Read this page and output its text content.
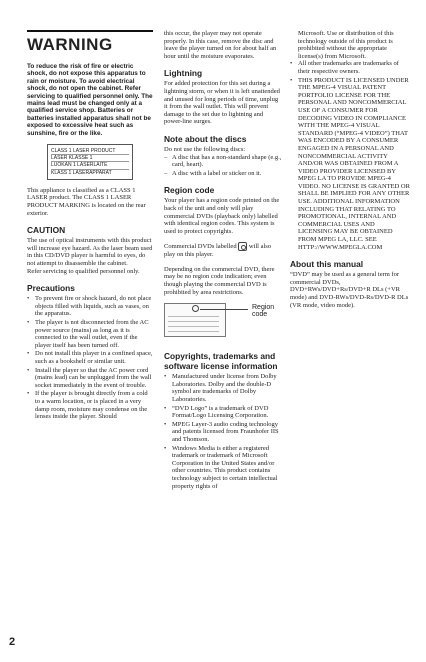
WARNING
To reduce the risk of fire or electric shock, do not expose this apparatus to rain or moisture. To avoid electrical shock, do not open the cabinet. Refer servicing to qualified personnel only. The mains lead must be changed only at a qualified service shop. Batteries or batteries installed apparatus shall not be exposed to excessive heat such as sunshine, fire or the like.
CLASS 1 LASER PRODUCT
LASER KLASSE 1
LUOKAN 1 LASERLAITE
KLASS 1 LASERAPPARAT
This appliance is classified as a CLASS 1 LASER product. The CLASS 1 LASER PRODUCT MARKING is located on the rear exterior.
CAUTION
The use of optical instruments with this product will increase eye hazard. As the laser beam used in this CD/DVD player is harmful to eyes, do not attempt to disassemble the cabinet.
Refer servicing to qualified personnel only.
Precautions
• To prevent fire or shock hazard, do not place objects filled with liquids, such as vases, on the apparatus.
• The player is not disconnected from the AC power source (mains) as long as it is connected to the wall outlet, even if the player itself has been turned off.
• Do not install this player in a confined space, such as a bookshelf or similar unit.
• Install the player so that the AC power cord (mains lead) can be unplugged from the wall socket immediately in the event of trouble.
• If the player is brought directly from a cold to a warm location, or is placed in a very damp room, moisture may condense on the lenses inside the player. Should
this occur, the player may not operate properly. In this case, remove the disc and leave the player turned on for about half an hour until the moisture evaporates.
Lightning
For added protection for this set during a lightning storm, or when it is left unattended and unused for long periods of time, unplug it from the wall outlet. This will prevent damage to the set due to lightning and power-line surges.
Note about the discs
Do not use the following discs:
– A disc that has a non-standard shape (e.g., card, heart).
– A disc with a label or sticker on it.
Region code
Your player has a region code printed on the back of the unit and only will play commercial DVDs (playback only) labelled with identical region codes. This system is used to protect copyrights.
Commercial DVDs labelled will also play on this player.
Depending on the commercial DVD, there may be no region code indication; even though playing the commercial DVD is prohibited by area restrictions.
Region code
Copyrights, trademarks and software license information
• Manufactured under license from Dolby Laboratories. Dolby and the double-D symbol are trademarks of Dolby Laboratories.
• “DVD Logo” is a trademark of DVD Format/Logo Licensing Corporation.
• MPEG Layer-3 audio coding technology and patents licensed from Fraunhofer IIS and Thomson.
• Windows Media is either a registered trademark or trademark of Microsoft Corporation in the United States and/or other countries. This product contains technology subject to certain intellectual property rights of
Microsoft. Use or distribution of this technology outside of this product is prohibited without the appropriate license(s) from Microsoft.
• All other trademarks are trademarks of their respective owners.
• THIS PRODUCT IS LICENSED UNDER THE MPEG-4 VISUAL PATENT PORTFOLIO LICENSE FOR THE PERSONAL AND NONCOMMERCIAL USE OF A CONSUMER FOR DECODING VIDEO IN COMPLIANCE WITH THE MPEG-4 VISUAL STANDARD (“MPEG-4 VIDEO”) THAT WAS ENCODED BY A CONSUMER ENGAGED IN A PERSONAL AND NONCOMMERCIAL ACTIVITY AND/OR WAS OBTAINED FROM A VIDEO PROVIDER LICENSED BY MPEG LA TO PROVIDE MPEG-4 VIDEO. NO LICENSE IS GRANTED OR SHALL BE IMPLIED FOR ANY OTHER USE. ADDITIONAL INFORMATION INCLUDING THAT RELATING TO PROMOTIONAL, INTERNAL AND COMMERCIAL USES AND LICENSING MAY BE OBTAINED FROM MPEG LA, LLC. SEE HTTP://WWW.MPEGLA.COM
About this manual
“DVD” may be used as a general term for commercial DVDs, DVD+RWs/DVD+Rs/DVD+R DLs (+VR mode) and DVD-RWs/DVD-Rs/DVD-R DLs (VR mode, video mode).
2
